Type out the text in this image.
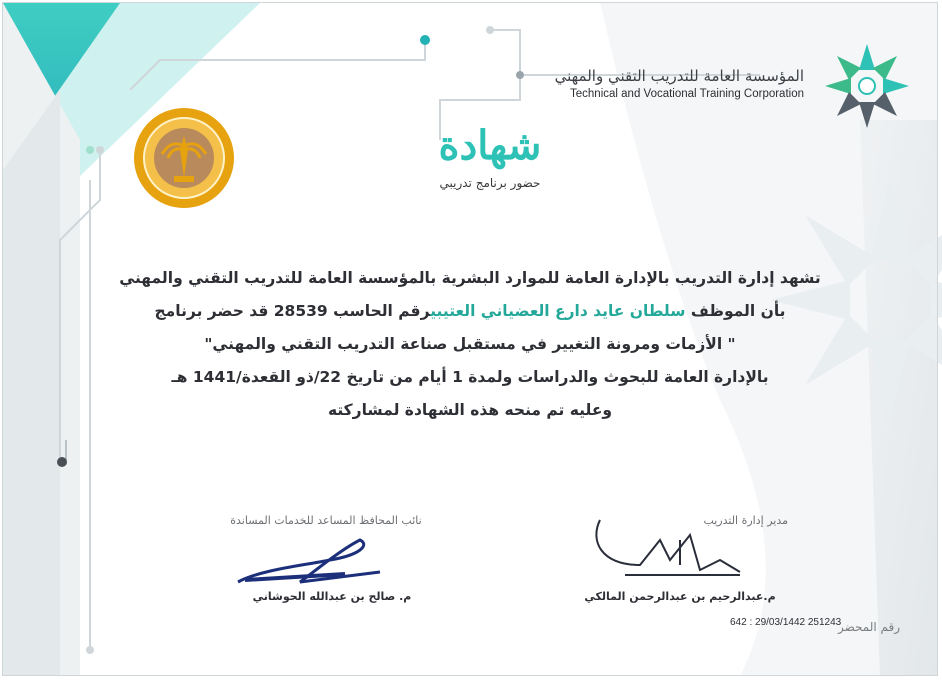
المؤسسة العامة للتدريب التقني والمهني
Technical and Vocational Training Corporation
شهادة
حضور برنامج تدريبي
تشهد إدارة التدريب بالإدارة العامة للموارد البشرية بالمؤسسة العامة للتدريب التقني والمهني
بأن الموظف سلطان عايد دارع العضياني العتيبيرقم الحاسب 28539 قد حضر برنامج
" الأزمات ومرونة التغيير في مستقبل صناعة التدريب التقني والمهني"
بالإدارة العامة للبحوث والدراسات ولمدة 1 أيام من تاريخ 22/ذو القعدة/1441 هـ
وعليه تم منحه هذه الشهادة لمشاركته
نائب المحافظ المساعد للخدمات المساندة
م. صالح بن عبدالله الحوشاني
مدير إدارة التدريب
م.عبدالرحيم بن عبدالرحمن المالكي
642 : 29/03/1442 251243
رقم المحضر
